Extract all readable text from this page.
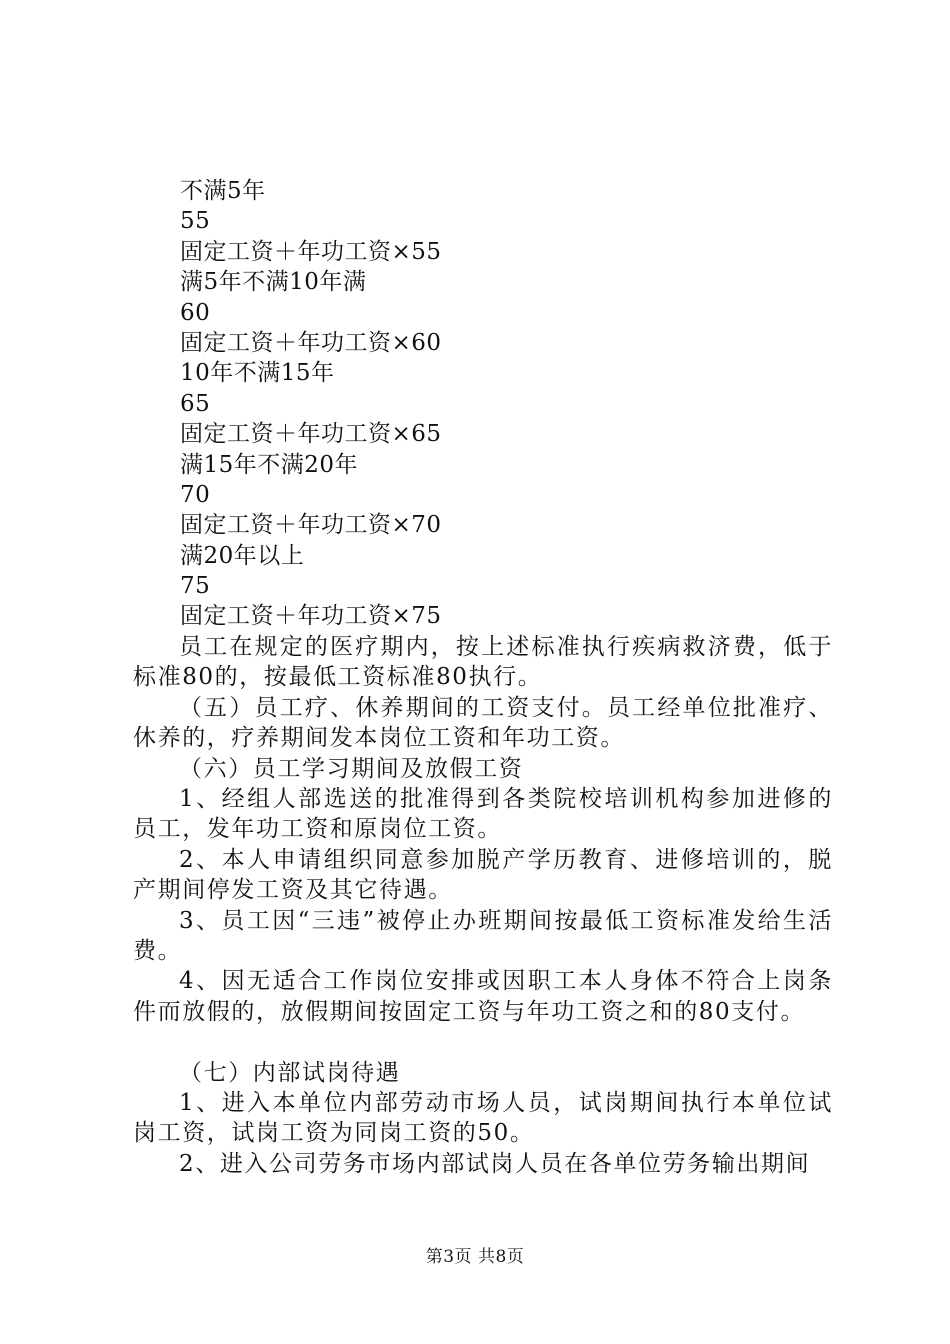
不满5年
55
固定工资＋年功工资×55
满5年不满10年满
60
固定工资＋年功工资×60
10年不满15年
65
固定工资＋年功工资×65
满15年不满20年
70
固定工资＋年功工资×70
满20年以上
75
固定工资＋年功工资×75

员工在规定的医疗期内，按上述标准执行疾病救济费，低于标准80的，按最低工资标准80执行。

（五）员工疗、休养期间的工资支付。员工经单位批准疗、休养的，疗养期间发本岗位工资和年功工资。

（六）员工学习期间及放假工资

1、经组人部选送的批准得到各类院校培训机构参加进修的员工，发年功工资和原岗位工资。

2、本人申请组织同意参加脱产学历教育、进修培训的，脱产期间停发工资及其它待遇。

3、员工因“三违”被停止办班期间按最低工资标准发给生活费。

4、因无适合工作岗位安排或因职工本人身体不符合上岗条件而放假的，放假期间按固定工资与年功工资之和的80支付。

（七）内部试岗待遇

1、进入本单位内部劳动市场人员，试岗期间执行本单位试岗工资，试岗工资为同岗工资的50。

2、进入公司劳务市场内部试岗人员在各单位劳务输出期间

第3页 共8页
